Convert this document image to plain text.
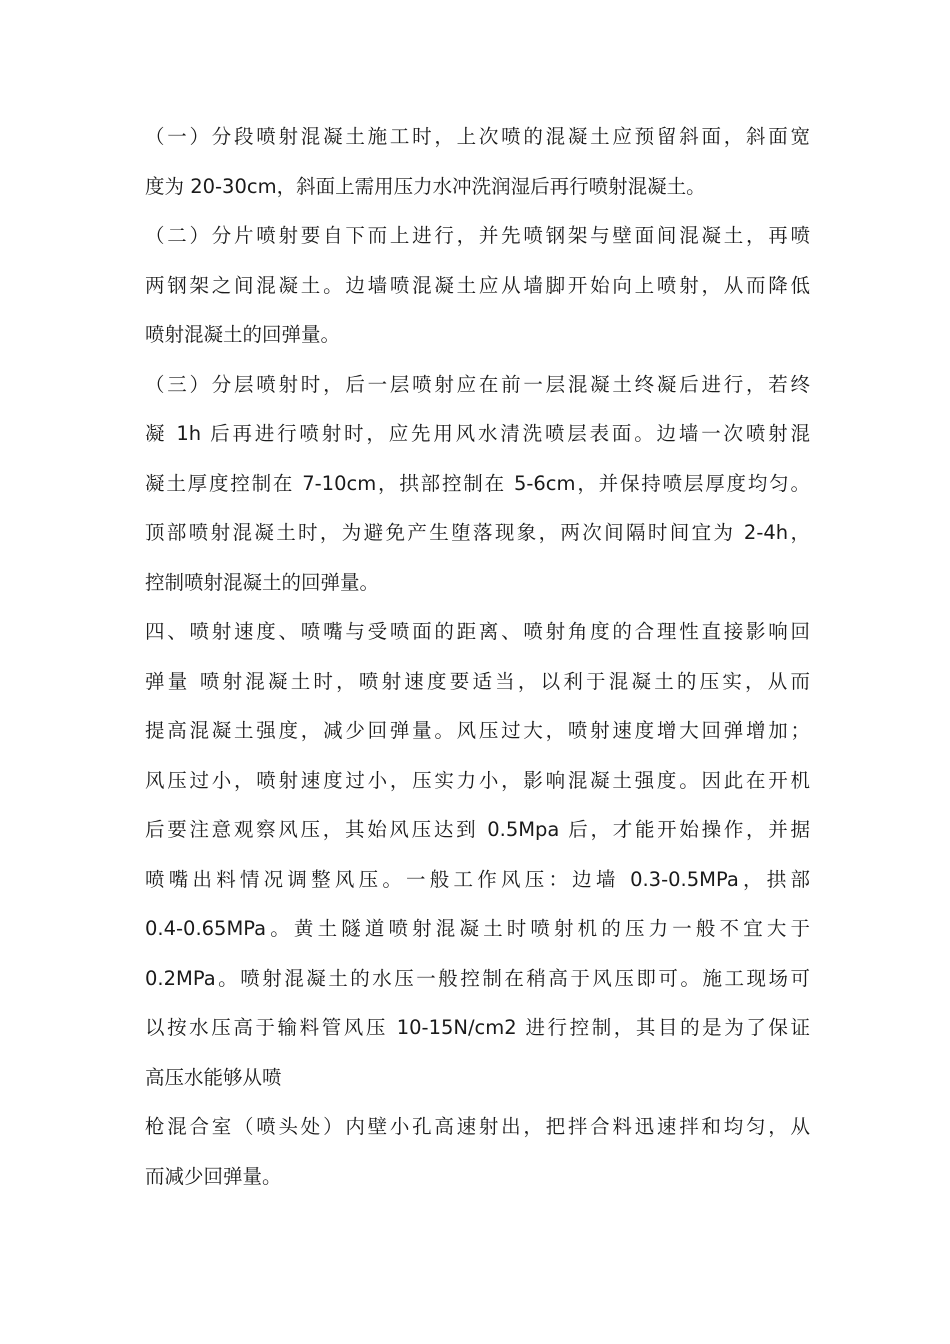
（一）分段喷射混凝土施工时，上次喷的混凝土应预留斜面，斜面宽
度为 20-30cm，斜面上需用压力水冲洗润湿后再行喷射混凝土。
（二）分片喷射要自下而上进行，并先喷钢架与壁面间混凝土，再喷
两钢架之间混凝土。边墙喷混凝土应从墙脚开始向上喷射，从而降低
喷射混凝土的回弹量。
（三）分层喷射时，后一层喷射应在前一层混凝土终凝后进行，若终
凝 1h 后再进行喷射时，应先用风水清洗喷层表面。边墙一次喷射混
凝土厚度控制在 7-10cm，拱部控制在 5-6cm，并保持喷层厚度均匀。
顶部喷射混凝土时，为避免产生堕落现象，两次间隔时间宜为 2-4h，
控制喷射混凝土的回弹量。
四、喷射速度、喷嘴与受喷面的距离、喷射角度的合理性直接影响回
弹量 喷射混凝土时，喷射速度要适当，以利于混凝土的压实，从而
提高混凝土强度，减少回弹量。风压过大，喷射速度增大回弹增加；
风压过小，喷射速度过小，压实力小，影响混凝土强度。因此在开机
后要注意观察风压，其始风压达到 0.5Mpa 后，才能开始操作，并据
喷嘴出料情况调整风压。一般工作风压：边墙 0.3-0.5MPa，拱部
0.4-0.65MPa。黄土隧道喷射混凝土时喷射机的压力一般不宜大于
0.2MPa。喷射混凝土的水压一般控制在稍高于风压即可。施工现场可
以按水压高于输料管风压 10-15N/cm2 进行控制，其目的是为了保证
高压水能够从喷
枪混合室（喷头处）内壁小孔高速射出，把拌合料迅速拌和均匀，从
而减少回弹量。
